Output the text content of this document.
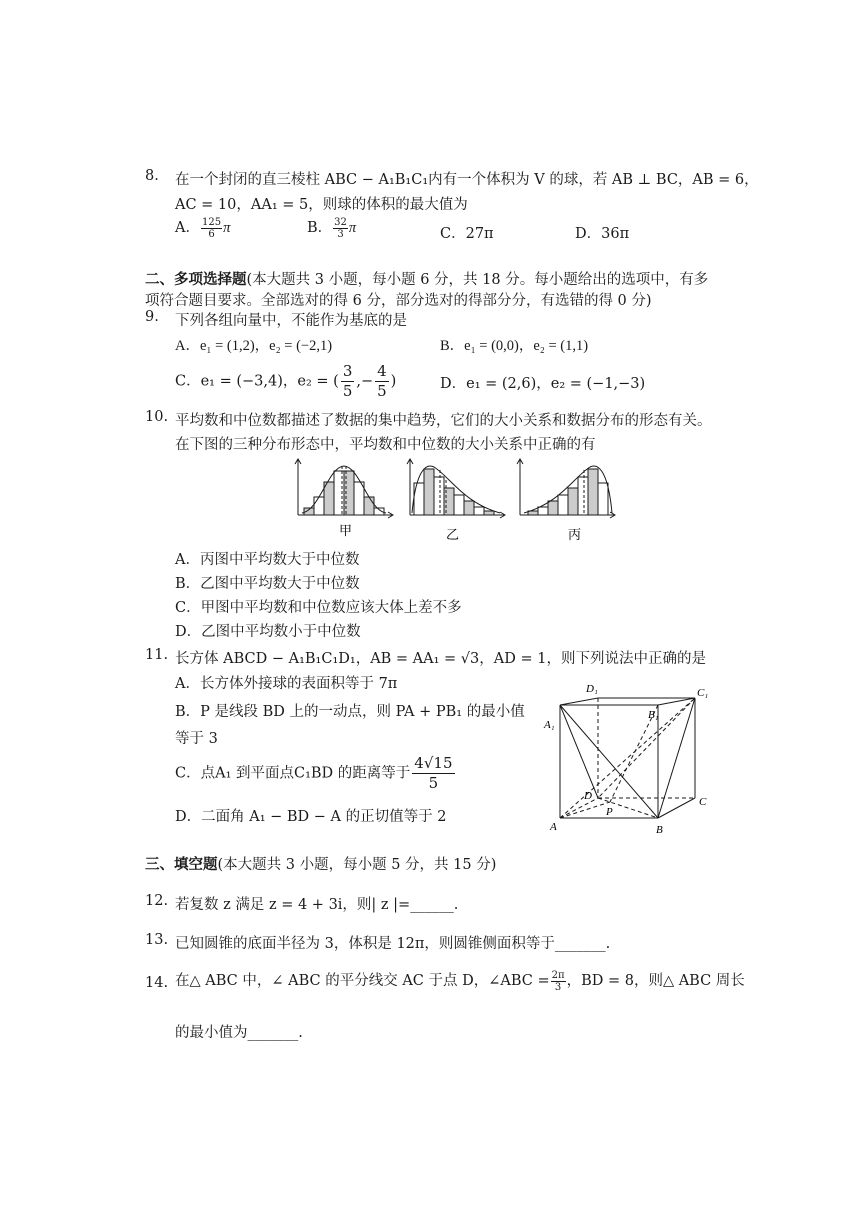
8. 在一个封闭的直三棱柱 ABC − A₁B₁C₁内有一个体积为 V 的球，若 AB ⊥ BC，AB = 6，
AC = 10，AA₁ = 5，则球的体积的最大值为
A． $\frac{125}{6}$ π	B． $\frac{32}{3}$ π	C．27π	D．36π
二、多项选择题(本大题共 3 小题，每小题 6 分，共 18 分。每小题给出的选项中，有多
项符合题目要求。全部选对的得 6 分，部分选对的得部分分，有选错的得 0 分)
9. 下列各组向量中，不能作为基底的是
A．e₁ = (1,2)，e₂ = (−2,1)	B．e₁ = (0,0)，e₂ = (1,1)
C．e₁ = (−3,4)，e₂ = ( $\frac{3}{5}$ ,− $\frac{4}{5}$ )	D．e₁ = (2,6)，e₂ = (−1,−3)
10. 平均数和中位数都描述了数据的集中趋势，它们的大小关系和数据分布的形态有关。
在下图的三种分布形态中，平均数和中位数的大小关系中正确的有
甲	乙	丙
A．丙图中平均数大于中位数
B．乙图中平均数大于中位数
C．甲图中平均数和中位数应该大体上差不多
D．乙图中平均数小于中位数
11. 长方体 ABCD − A₁B₁C₁D₁，AB = AA₁ = √3，AD = 1，则下列说法中正确的是
A．长方体外接球的表面积等于 7π
B．P 是线段 BD 上的一动点，则 PA + PB₁ 的最小值
等于 3
C．点A₁ 到平面点C₁BD 的距离等于 $\frac{4√15}{5}$
D．二面角 A₁ − BD − A 的正切值等于 2
D₁	C₁
B₁
A₁
D	C
P
A	B
三、填空题(本大题共 3 小题，每小题 5 分，共 15 分)
12. 若复数 z 满足 z = 4 + 3i，则| z |=______.
13. 已知圆锥的底面半径为 3，体积是 12π，则圆锥侧面积等于_______.
14. 在△ ABC 中，∠ ABC 的平分线交 AC 于点 D，∠ABC = $\frac{2\pi}{3}$ ，BD = 8，则△ ABC 周长
的最小值为_______.
